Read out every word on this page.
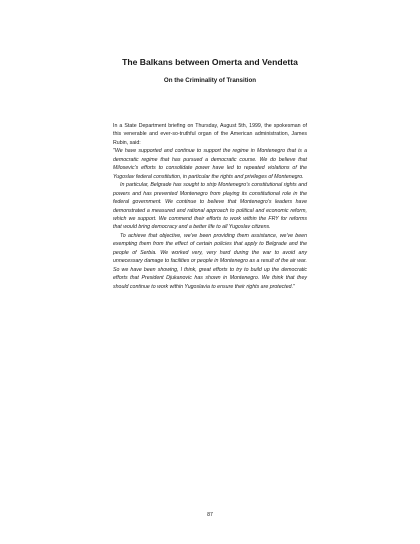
The Balkans between Omerta and Vendetta
On the Criminality of Transition

In a State Department briefing on Thursday, August 5th, 1999, the spokesman of this venerable and ever-so-truthful organ of the American administration, James Rubin, said:

"We have supported and continue to support the regime in Montenegro that is a democratic regime that has pursued a democratic course. We do believe that Milosevic's efforts to consolidate power have led to repeated violations of the Yugoslav federal constitution, in particular the rights and privileges of Montenegro.

In particular, Belgrade has sought to strip Montenegro's constitutional rights and powers and has prevented Montenegro from playing its constitutional role in the federal government. We continue to believe that Montenegro's leaders have demonstrated a measured and rational approach to political and economic reform, which we support. We commend their efforts to work within the FRY for reforms that would bring democracy and a better life to all Yugoslav citizens.

To achieve that objective, we've been providing them assistance, we've been exempting them from the effect of certain policies that apply to Belgrade and the people of Serbia. We worked very, very hard during the war to avoid any unnecessary damage to facilities or people in Montenegro as a result of the air war. So we have been showing, I think, great efforts to try to build up the democratic efforts that President Djukanovic has shown in Montenegro. We think that they should continue to work within Yugoslavia to ensure their rights are protected."

87
